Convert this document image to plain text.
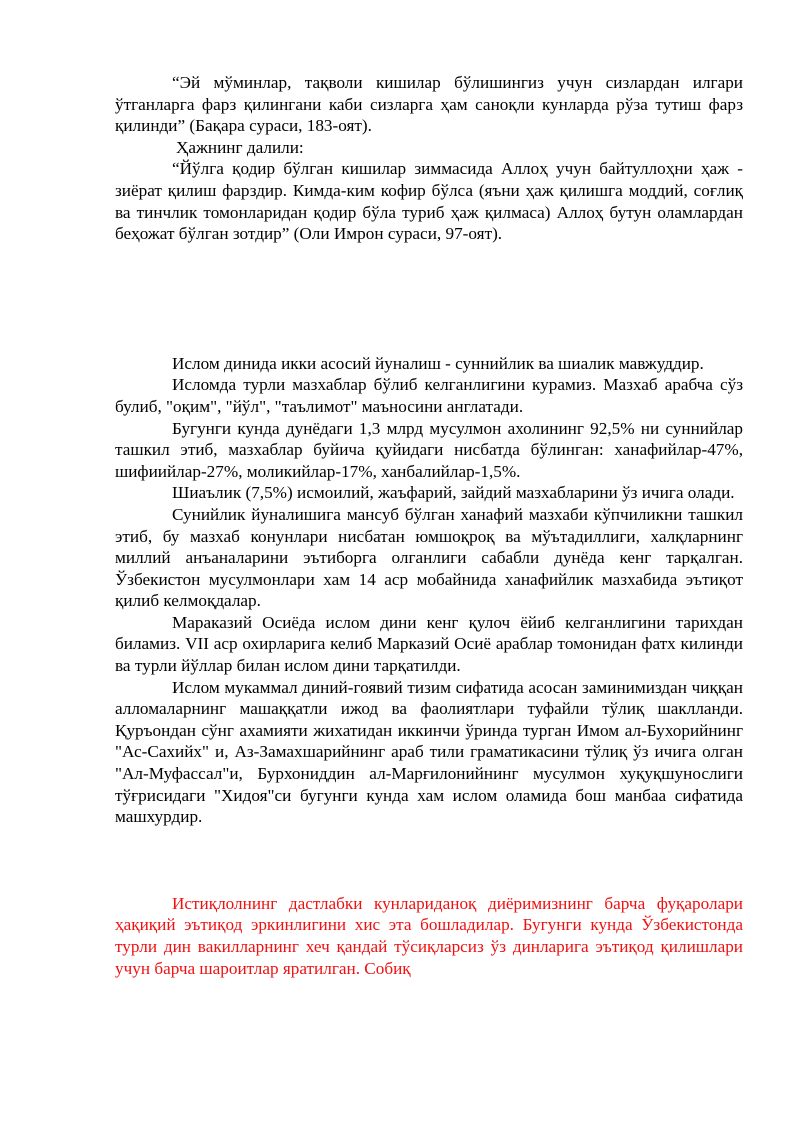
“Эй мўминлар, тақволи кишилар бўлишингиз учун сизлардан илгари ўтганларга фарз қилингани каби сизларга ҳам саноқли кунларда рўза тутиш фарз қилинди” (Бақара сураси, 183-оят).

Ҳажнинг далили:

“Йўлга қодир бўлган кишилар зиммасида Аллоҳ учун байтуллоҳни ҳаж - зиёрат қилиш фарздир. Кимда-ким кофир бўлса (яъни ҳаж қилишга моддий, соғлиқ ва тинчлик томонларидан қодир бўла туриб ҳаж қилмаса) Аллоҳ бутун оламлардан беҳожат бўлган зотдир” (Оли Имрон сураси, 97-оят).

Ислом динида икки асосий йуналиш - суннийлик ва шиалик мавжуддир.

Исломда турли мазхаблар бўлиб келганлигини курамиз. Мазхаб арабча сўз булиб, "оқим", "йўл", "таълимот" маъносини англатади.

Бугунги кунда дунёдаги 1,3 млрд мусулмон ахолининг 92,5% ни суннийлар ташкил этиб, мазхаблар буйича қуйидаги нисбатда бўлинган: ханафийлар-47%, шифиийлар-27%, моликийлар-17%, ханбалийлар-1,5%.

Шиаълик (7,5%) исмоилий, жаъфарий, зайдий мазхабларини ўз ичига олади.

Сунийлик йуналишига мансуб бўлган ханафий мазхаби кўпчиликни ташкил этиб, бу мазхаб конунлари нисбатан юмшоқроқ ва мўътадиллиги, халқларнинг миллий анъаналарини эътиборга олганлиги сабабли дунёда кенг тарқалган. Ўзбекистон мусулмонлари хам 14 аср мобайнида ханафийлик мазхабида эътиқот қилиб келмоқдалар.

Мараказий Осиёда ислом дини кенг қулоч ёйиб келганлигини тарихдан биламиз. VII аср охирларига келиб Марказий Осиё араблар томонидан фатх килинди ва турли йўллар билан ислом дини тарқатилди.

Ислом мукаммал диний-гоявий тизим сифатида асосан заминимиздан чиққан алломаларнинг машаққатли ижод ва фаолиятлари туфайли тўлиқ шаклланди. Қуръондан сўнг ахамияти жихатидан иккинчи ўринда турган Имом ал-Бухорийнинг "Ас-Сахийх" и, Аз-Замахшарийнинг араб тили граматикасини тўлиқ ўз ичига олган "Ал-Муфассал"и, Бурхониддин ал-Марғилонийнинг мусулмон хуқуқшунослиги тўғрисидаги "Хидоя"си бугунги кунда хам ислом оламида бош манбаа сифатида машхурдир.

Истиқлолнинг дастлабки кунлариданоқ диёримизнинг барча фуқаролари ҳақиқий эътиқод эркинлигини хис эта бошладилар. Бугунги кунда Ўзбекистонда турли дин вакилларнинг хеч қандай тўсиқларсиз ўз динларига эътиқод қилишлари учун барча шароитлар яратилган. Собиқ
